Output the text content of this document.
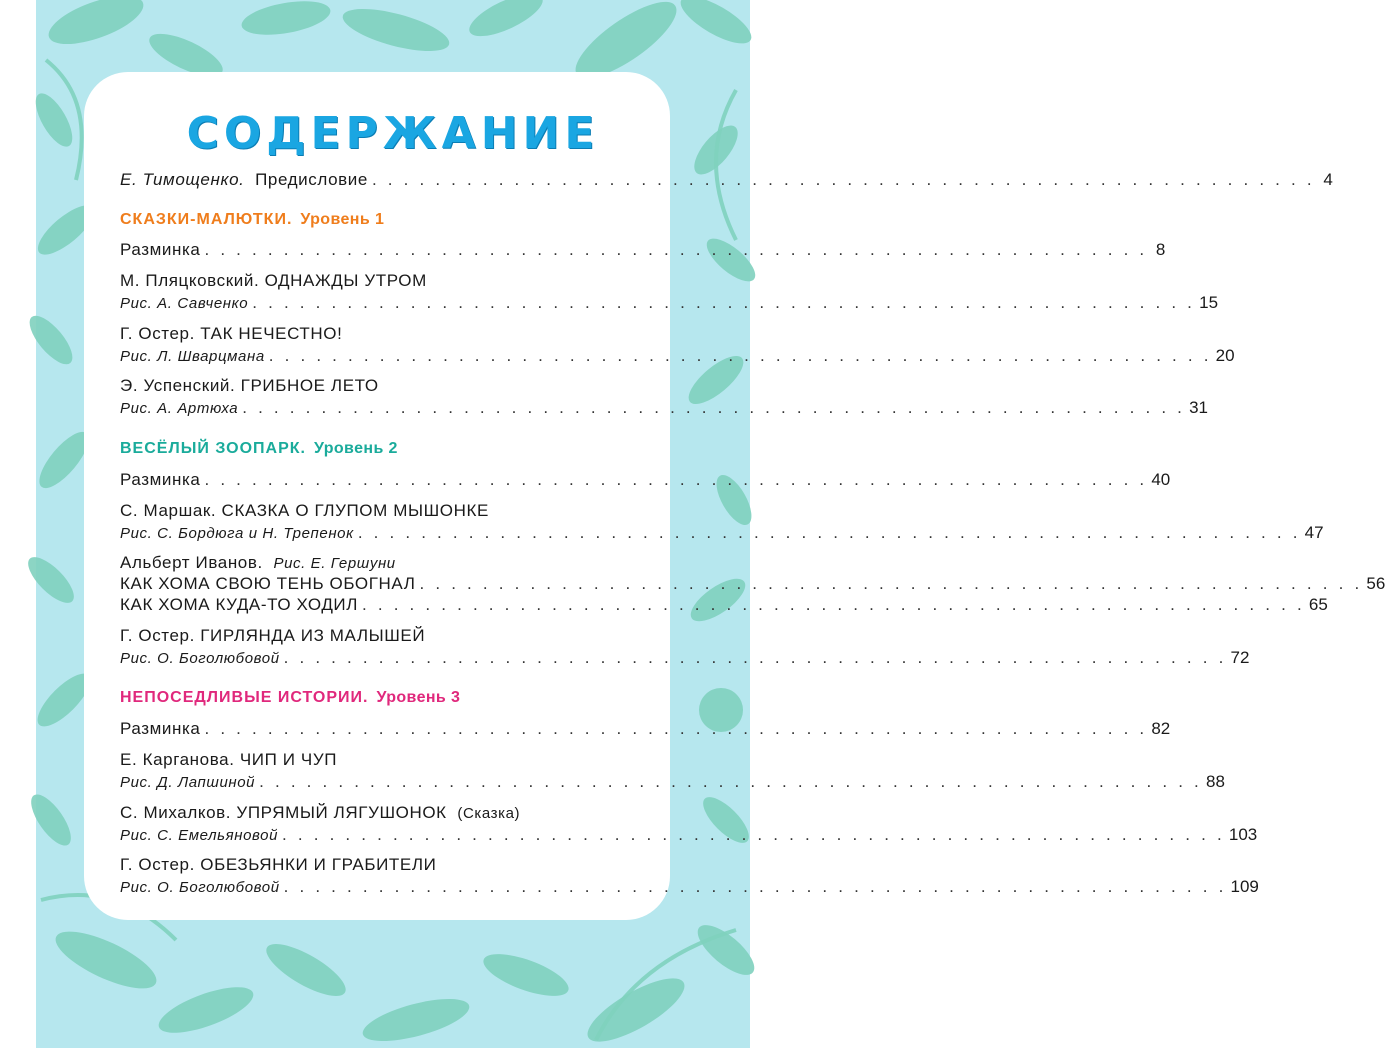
СОДЕРЖАНИЕ
Е. Тимощенко. Предисловие . . . . . . . . . . . . . . . . . . . . . . . . . . . . . . . . . . . . . . . . . . . . . . . . . . . . . . . . . . . . 4
СКАЗКИ-МАЛЮТКИ. Уровень 1
Разминка . . . . . . . . . . . . . . . . . . . . . . . . . . . . . . . . . . . . . . . . . . . . . . . . . . . . . . . . . . . . 8
М. Пляцковский. ОДНАЖДЫ УТРОМ
Рис. А. Савченко . . . . . . . . . . . . . . . . . . . . . . . . . . . . . . . . . . . . . . . . . . . . . . . . . . . . . . . . . . . . 15
Г. Остер. ТАК НЕЧЕСТНО!
Рис. Л. Шварцмана . . . . . . . . . . . . . . . . . . . . . . . . . . . . . . . . . . . . . . . . . . . . . . . . . . . . . . . . . . . . 20
Э. Успенский. ГРИБНОЕ ЛЕТО
Рис. А. Артюха . . . . . . . . . . . . . . . . . . . . . . . . . . . . . . . . . . . . . . . . . . . . . . . . . . . . . . . . . . . . 31
ВЕСЁЛЫЙ ЗООПАРК. Уровень 2
Разминка . . . . . . . . . . . . . . . . . . . . . . . . . . . . . . . . . . . . . . . . . . . . . . . . . . . . . . . . . . . . 40
С. Маршак. СКАЗКА О ГЛУПОМ МЫШОНКЕ
Рис. С. Бордюга и Н. Трепенок . . . . . . . . . . . . . . . . . . . . . . . . . . . . . . . . . . . . . . . . . . . . . . . . . . . . . . . . . . . . 47
Альберт Иванов. Рис. Е. Гершуни
КАК ХОМА СВОЮ ТЕНЬ ОБОГНАЛ . . . . . . . . . . . . . . . . . . . . . . . . . . . . . . . . . . . . . . . . . . . . . . . . . . . . . . . . . . . . 56
КАК ХОМА КУДА-ТО ХОДИЛ . . . . . . . . . . . . . . . . . . . . . . . . . . . . . . . . . . . . . . . . . . . . . . . . . . . . . . . . . . . . 65
Г. Остер. ГИРЛЯНДА ИЗ МАЛЫШЕЙ
Рис. О. Боголюбовой . . . . . . . . . . . . . . . . . . . . . . . . . . . . . . . . . . . . . . . . . . . . . . . . . . . . . . . . . . . . 72
НЕПОСЕДЛИВЫЕ ИСТОРИИ. Уровень 3
Разминка . . . . . . . . . . . . . . . . . . . . . . . . . . . . . . . . . . . . . . . . . . . . . . . . . . . . . . . . . . . . 82
Е. Карганова. ЧИП И ЧУП
Рис. Д. Лапшиной . . . . . . . . . . . . . . . . . . . . . . . . . . . . . . . . . . . . . . . . . . . . . . . . . . . . . . . . . . . . 88
С. Михалков. УПРЯМЫЙ ЛЯГУШОНОК (Сказка)
Рис. С. Емельяновой . . . . . . . . . . . . . . . . . . . . . . . . . . . . . . . . . . . . . . . . . . . . . . . . . . . . . . . . . . . . 103
Г. Остер. ОБЕЗЬЯНКИ И ГРАБИТЕЛИ
Рис. О. Боголюбовой . . . . . . . . . . . . . . . . . . . . . . . . . . . . . . . . . . . . . . . . . . . . . . . . . . . . . . . . . . . . 109
